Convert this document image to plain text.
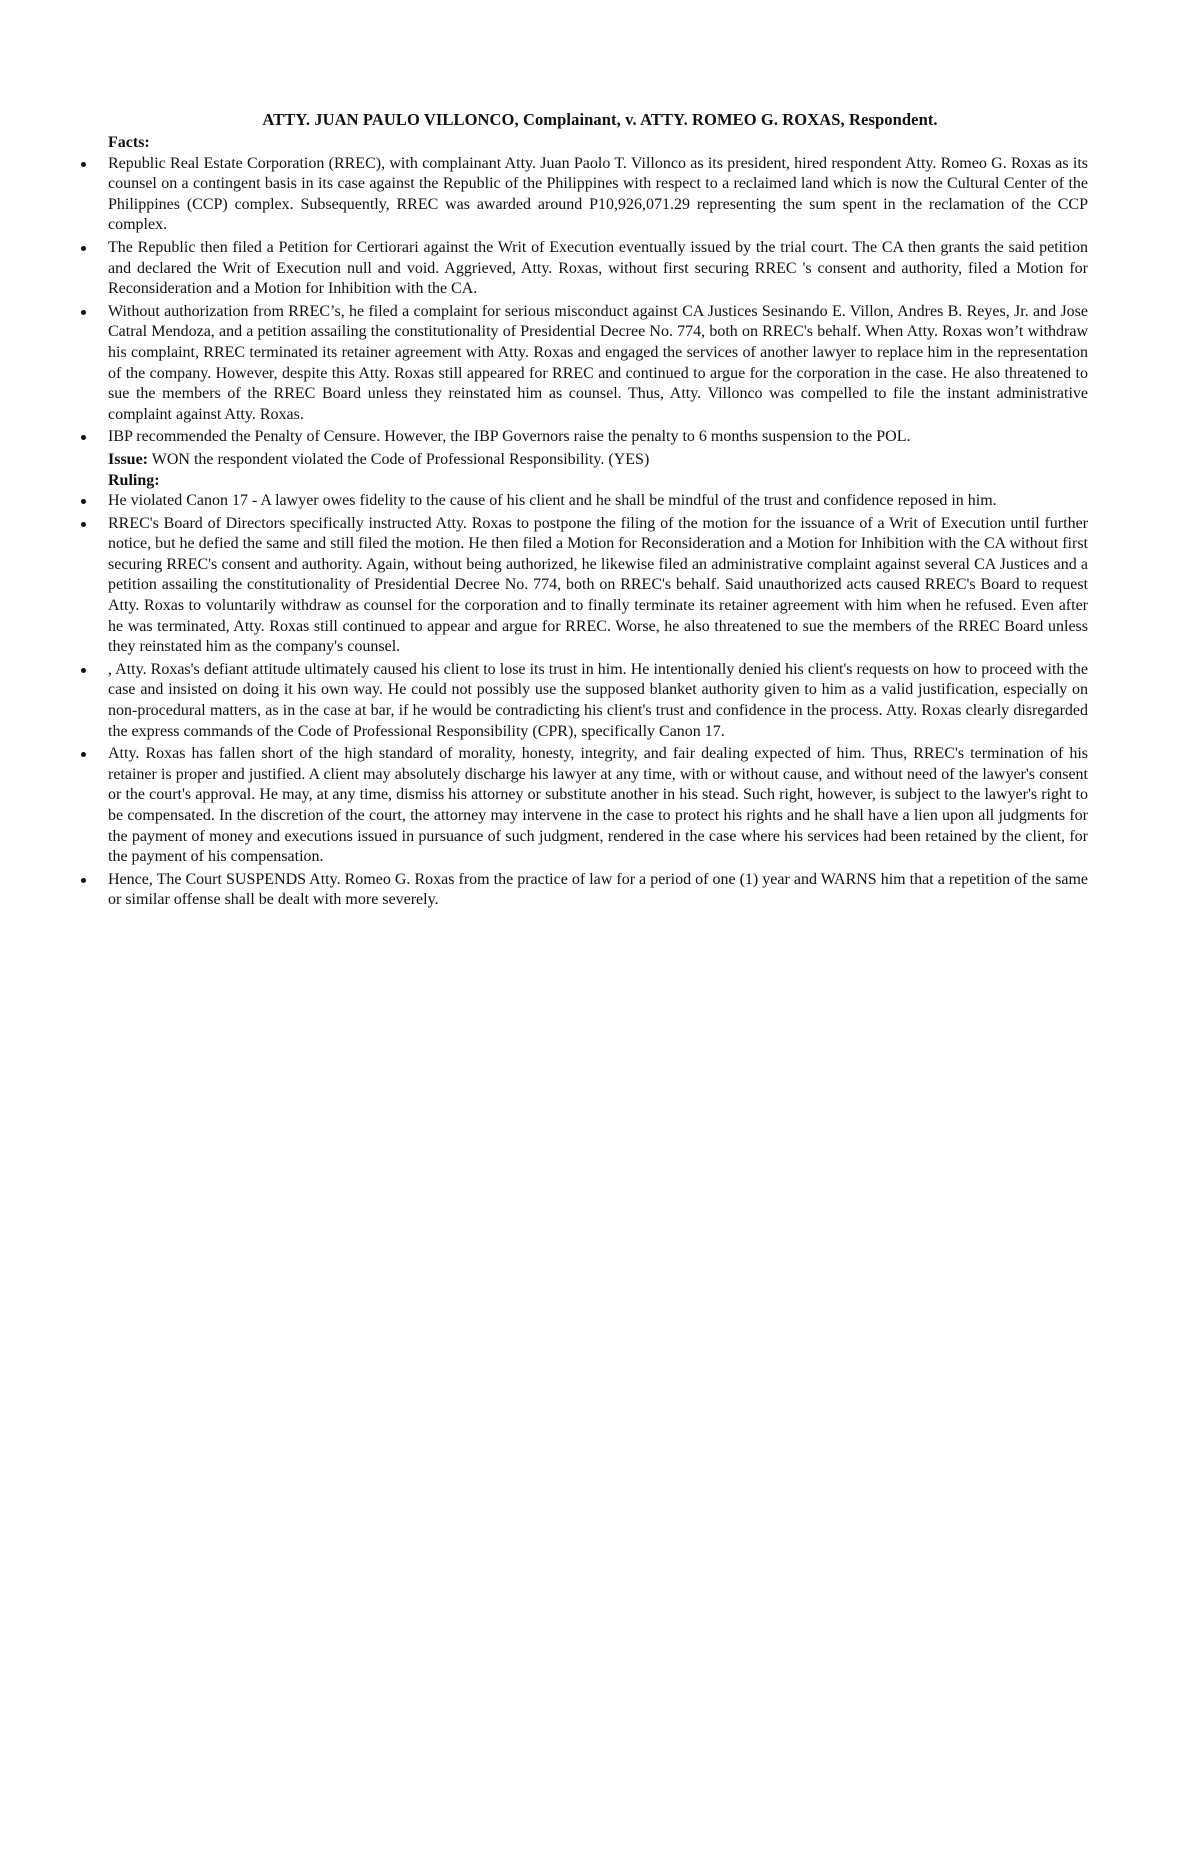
ATTY. JUAN PAULO VILLONCO, Complainant, v. ATTY. ROMEO G. ROXAS, Respondent.

Facts:

Republic Real Estate Corporation (RREC), with complainant Atty. Juan Paolo T. Villonco as its president, hired respondent Atty. Romeo G. Roxas as its counsel on a contingent basis in its case against the Republic of the Philippines with respect to a reclaimed land which is now the Cultural Center of the Philippines (CCP) complex. Subsequently, RREC was awarded around P10,926,071.29 representing the sum spent in the reclamation of the CCP complex.
The Republic then filed a Petition for Certiorari against the Writ of Execution eventually issued by the trial court. The CA then grants the said petition and declared the Writ of Execution null and void. Aggrieved, Atty. Roxas, without first securing RREC 's consent and authority, filed a Motion for Reconsideration and a Motion for Inhibition with the CA.
Without authorization from RREC’s, he filed a complaint for serious misconduct against CA Justices Sesinando E. Villon, Andres B. Reyes, Jr. and Jose Catral Mendoza, and a petition assailing the constitutionality of Presidential Decree No. 774, both on RREC's behalf. When Atty. Roxas won’t withdraw his complaint, RREC terminated its retainer agreement with Atty. Roxas and engaged the services of another lawyer to replace him in the representation of the company. However, despite this Atty. Roxas still appeared for RREC and continued to argue for the corporation in the case. He also threatened to sue the members of the RREC Board unless they reinstated him as counsel. Thus, Atty. Villonco was compelled to file the instant administrative complaint against Atty. Roxas.
IBP recommended the Penalty of Censure. However, the IBP Governors raise the penalty to 6 months suspension to the POL.

Issue: WON the respondent violated the Code of Professional Responsibility. (YES)

Ruling:

He violated Canon 17 - A lawyer owes fidelity to the cause of his client and he shall be mindful of the trust and confidence reposed in him.
RREC's Board of Directors specifically instructed Atty. Roxas to postpone the filing of the motion for the issuance of a Writ of Execution until further notice, but he defied the same and still filed the motion. He then filed a Motion for Reconsideration and a Motion for Inhibition with the CA without first securing RREC's consent and authority. Again, without being authorized, he likewise filed an administrative complaint against several CA Justices and a petition assailing the constitutionality of Presidential Decree No. 774, both on RREC's behalf. Said unauthorized acts caused RREC's Board to request Atty. Roxas to voluntarily withdraw as counsel for the corporation and to finally terminate its retainer agreement with him when he refused. Even after he was terminated, Atty. Roxas still continued to appear and argue for RREC. Worse, he also threatened to sue the members of the RREC Board unless they reinstated him as the company's counsel.
, Atty. Roxas's defiant attitude ultimately caused his client to lose its trust in him. He intentionally denied his client's requests on how to proceed with the case and insisted on doing it his own way. He could not possibly use the supposed blanket authority given to him as a valid justification, especially on non-procedural matters, as in the case at bar, if he would be contradicting his client's trust and confidence in the process. Atty. Roxas clearly disregarded the express commands of the Code of Professional Responsibility (CPR), specifically Canon 17.
Atty. Roxas has fallen short of the high standard of morality, honesty, integrity, and fair dealing expected of him. Thus, RREC's termination of his retainer is proper and justified. A client may absolutely discharge his lawyer at any time, with or without cause, and without need of the lawyer's consent or the court's approval. He may, at any time, dismiss his attorney or substitute another in his stead. Such right, however, is subject to the lawyer's right to be compensated. In the discretion of the court, the attorney may intervene in the case to protect his rights and he shall have a lien upon all judgments for the payment of money and executions issued in pursuance of such judgment, rendered in the case where his services had been retained by the client, for the payment of his compensation.
Hence, The Court SUSPENDS Atty. Romeo G. Roxas from the practice of law for a period of one (1) year and WARNS him that a repetition of the same or similar offense shall be dealt with more severely.
